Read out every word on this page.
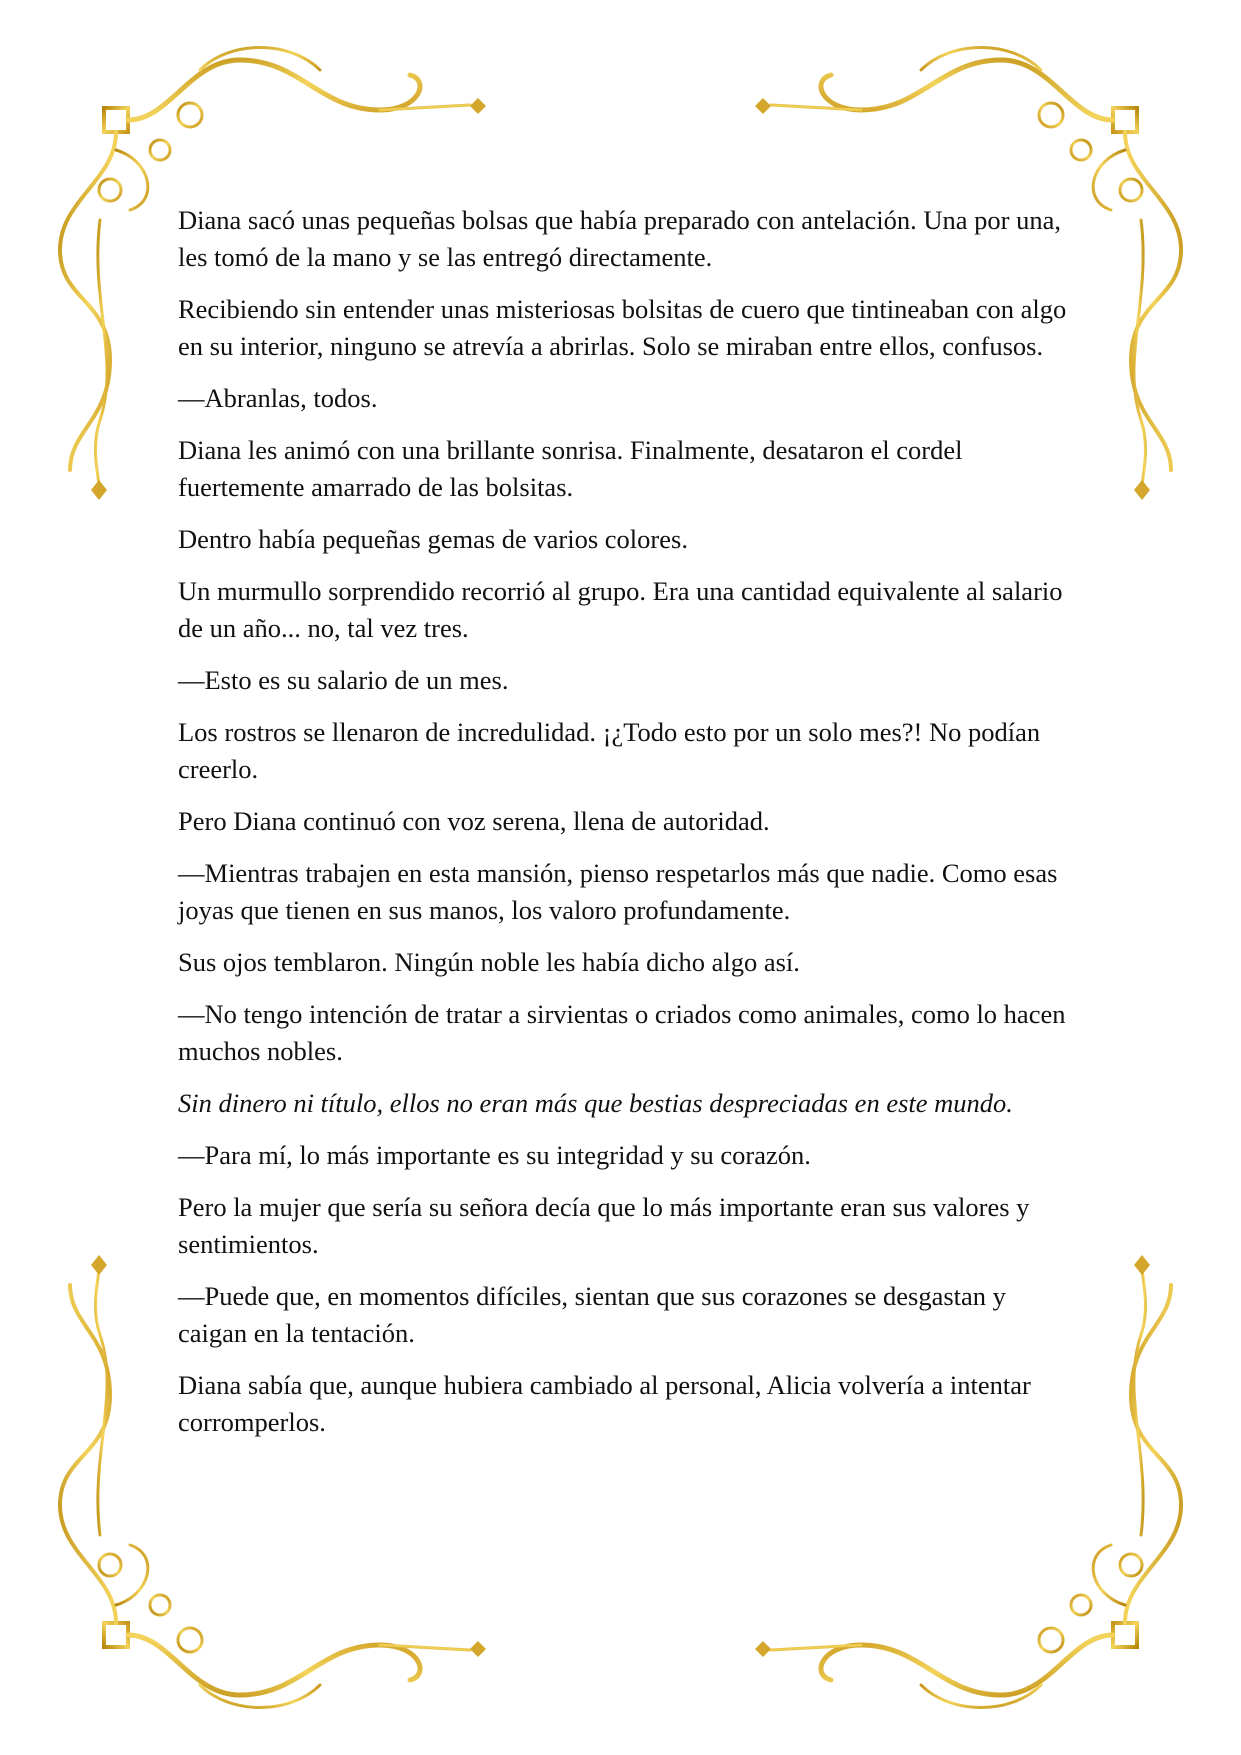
Diana sacó unas pequeñas bolsas que había preparado con antelación. Una por una, les tomó de la mano y se las entregó directamente.

Recibiendo sin entender unas misteriosas bolsitas de cuero que tintineaban con algo en su interior, ninguno se atrevía a abrirlas. Solo se miraban entre ellos, confusos.

—Abranlas, todos.

Diana les animó con una brillante sonrisa. Finalmente, desataron el cordel fuertemente amarrado de las bolsitas.

Dentro había pequeñas gemas de varios colores.

Un murmullo sorprendido recorrió al grupo. Era una cantidad equivalente al salario de un año... no, tal vez tres.

—Esto es su salario de un mes.

Los rostros se llenaron de incredulidad. ¡¿Todo esto por un solo mes?! No podían creerlo.

Pero Diana continuó con voz serena, llena de autoridad.

—Mientras trabajen en esta mansión, pienso respetarlos más que nadie. Como esas joyas que tienen en sus manos, los valoro profundamente.

Sus ojos temblaron. Ningún noble les había dicho algo así.

—No tengo intención de tratar a sirvientas o criados como animales, como lo hacen muchos nobles.

Sin dinero ni título, ellos no eran más que bestias despreciadas en este mundo.

—Para mí, lo más importante es su integridad y su corazón.

Pero la mujer que sería su señora decía que lo más importante eran sus valores y sentimientos.

—Puede que, en momentos difíciles, sientan que sus corazones se desgastan y caigan en la tentación.

Diana sabía que, aunque hubiera cambiado al personal, Alicia volvería a intentar corromperlos.
